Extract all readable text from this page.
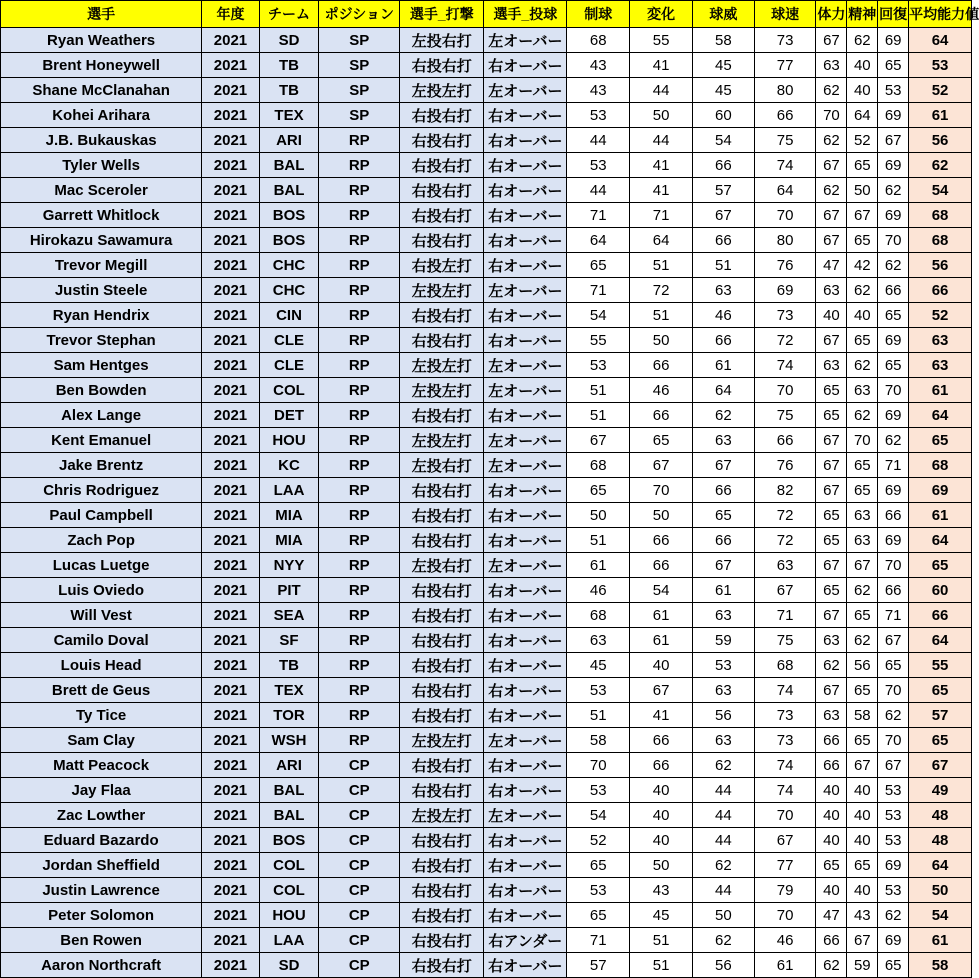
選手	年度	チーム	ポジション	選手_打撃	選手_投球	制球	変化	球威	球速	体力	精神	回復	平均能力値
Ryan Weathers	2021	SD	SP	左投右打	左オーバー	68	55	58	73	67	62	69	64
Brent Honeywell	2021	TB	SP	右投右打	右オーバー	43	41	45	77	63	40	65	53
Shane McClanahan	2021	TB	SP	左投左打	左オーバー	43	44	45	80	62	40	53	52
Kohei Arihara	2021	TEX	SP	右投右打	右オーバー	53	50	60	66	70	64	69	61
J.B. Bukauskas	2021	ARI	RP	右投右打	右オーバー	44	44	54	75	62	52	67	56
Tyler Wells	2021	BAL	RP	右投右打	右オーバー	53	41	66	74	67	65	69	62
Mac Sceroler	2021	BAL	RP	右投右打	右オーバー	44	41	57	64	62	50	62	54
Garrett Whitlock	2021	BOS	RP	右投右打	右オーバー	71	71	67	70	67	67	69	68
Hirokazu Sawamura	2021	BOS	RP	右投右打	右オーバー	64	64	66	80	67	65	70	68
Trevor Megill	2021	CHC	RP	右投左打	右オーバー	65	51	51	76	47	42	62	56
Justin Steele	2021	CHC	RP	左投左打	左オーバー	71	72	63	69	63	62	66	66
Ryan Hendrix	2021	CIN	RP	右投右打	右オーバー	54	51	46	73	40	40	65	52
Trevor Stephan	2021	CLE	RP	右投右打	右オーバー	55	50	66	72	67	65	69	63
Sam Hentges	2021	CLE	RP	左投左打	左オーバー	53	66	61	74	63	62	65	63
Ben Bowden	2021	COL	RP	左投左打	左オーバー	51	46	64	70	65	63	70	61
Alex Lange	2021	DET	RP	右投右打	右オーバー	51	66	62	75	65	62	69	64
Kent Emanuel	2021	HOU	RP	左投左打	左オーバー	67	65	63	66	67	70	62	65
Jake Brentz	2021	KC	RP	左投右打	左オーバー	68	67	67	76	67	65	71	68
Chris Rodriguez	2021	LAA	RP	右投右打	右オーバー	65	70	66	82	67	65	69	69
Paul Campbell	2021	MIA	RP	右投右打	右オーバー	50	50	65	72	65	63	66	61
Zach Pop	2021	MIA	RP	右投右打	右オーバー	51	66	66	72	65	63	69	64
Lucas Luetge	2021	NYY	RP	左投右打	左オーバー	61	66	67	63	67	67	70	65
Luis Oviedo	2021	PIT	RP	右投右打	右オーバー	46	54	61	67	65	62	66	60
Will Vest	2021	SEA	RP	右投右打	右オーバー	68	61	63	71	67	65	71	66
Camilo Doval	2021	SF	RP	右投右打	右オーバー	63	61	59	75	63	62	67	64
Louis Head	2021	TB	RP	右投右打	右オーバー	45	40	53	68	62	56	65	55
Brett de Geus	2021	TEX	RP	右投右打	右オーバー	53	67	63	74	67	65	70	65
Ty Tice	2021	TOR	RP	右投右打	右オーバー	51	41	56	73	63	58	62	57
Sam Clay	2021	WSH	RP	左投左打	左オーバー	58	66	63	73	66	65	70	65
Matt Peacock	2021	ARI	CP	右投右打	右オーバー	70	66	62	74	66	67	67	67
Jay Flaa	2021	BAL	CP	右投右打	右オーバー	53	40	44	74	40	40	53	49
Zac Lowther	2021	BAL	CP	左投左打	左オーバー	54	40	44	70	40	40	53	48
Eduard Bazardo	2021	BOS	CP	右投右打	右オーバー	52	40	44	67	40	40	53	48
Jordan Sheffield	2021	COL	CP	右投右打	右オーバー	65	50	62	77	65	65	69	64
Justin Lawrence	2021	COL	CP	右投右打	右オーバー	53	43	44	79	40	40	53	50
Peter Solomon	2021	HOU	CP	右投右打	右オーバー	65	45	50	70	47	43	62	54
Ben Rowen	2021	LAA	CP	右投右打	右アンダー	71	51	62	46	66	67	69	61
Aaron Northcraft	2021	SD	CP	右投右打	右オーバー	57	51	56	61	62	59	65	58
